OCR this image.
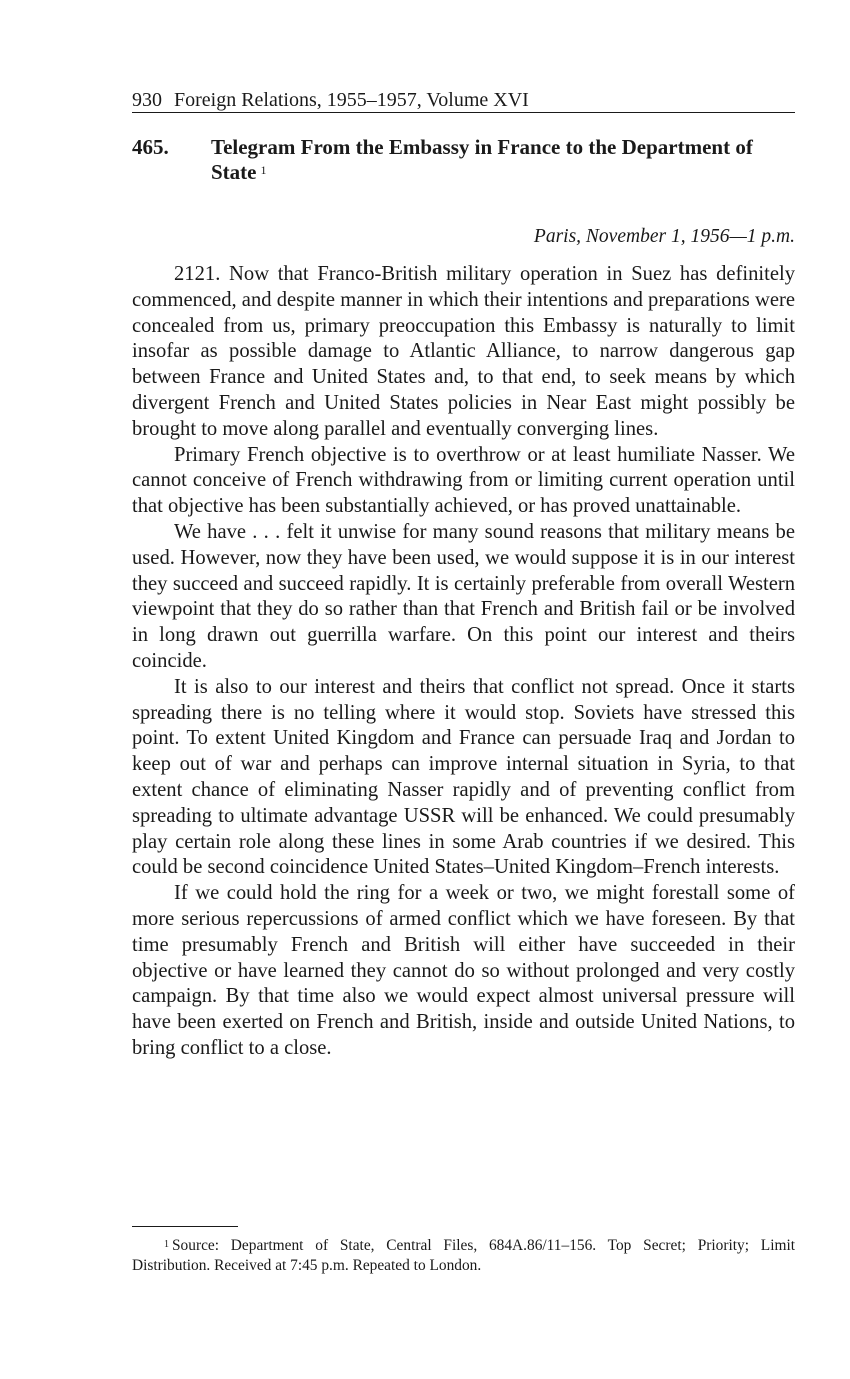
930 Foreign Relations, 1955–1957, Volume XVI
465. Telegram From the Embassy in France to the Department of State $^1$
Paris, November 1, 1956—1 p.m.

2121. Now that Franco-British military operation in Suez has definitely commenced, and despite manner in which their intentions and preparations were concealed from us, primary preoccupation this Embassy is naturally to limit insofar as possible damage to Atlantic Alliance, to narrow dangerous gap between France and United States and, to that end, to seek means by which divergent French and United States policies in Near East might possibly be brought to move along parallel and eventually converging lines.

Primary French objective is to overthrow or at least humiliate Nasser. We cannot conceive of French withdrawing from or limiting current operation until that objective has been substantially achieved, or has proved unattainable.

We have . . . felt it unwise for many sound reasons that military means be used. However, now they have been used, we would suppose it is in our interest they succeed and succeed rapidly. It is certainly preferable from overall Western viewpoint that they do so rather than that French and British fail or be involved in long drawn out guerrilla warfare. On this point our interest and theirs coincide.

It is also to our interest and theirs that conflict not spread. Once it starts spreading there is no telling where it would stop. Soviets have stressed this point. To extent United Kingdom and France can persuade Iraq and Jordan to keep out of war and perhaps can improve internal situation in Syria, to that extent chance of eliminating Nasser rapidly and of preventing conflict from spreading to ultimate advantage USSR will be enhanced. We could presumably play certain role along these lines in some Arab countries if we desired. This could be second coincidence United States–United Kingdom–French interests.

If we could hold the ring for a week or two, we might forestall some of more serious repercussions of armed conflict which we have foreseen. By that time presumably French and British will either have succeeded in their objective or have learned they cannot do so without prolonged and very costly campaign. By that time also we would expect almost universal pressure will have been exerted on French and British, inside and outside United Nations, to bring conflict to a close.

$^1$ Source: Department of State, Central Files, 684A.86/11–156. Top Secret; Priority; Limit Distribution. Received at 7:45 p.m. Repeated to London.
